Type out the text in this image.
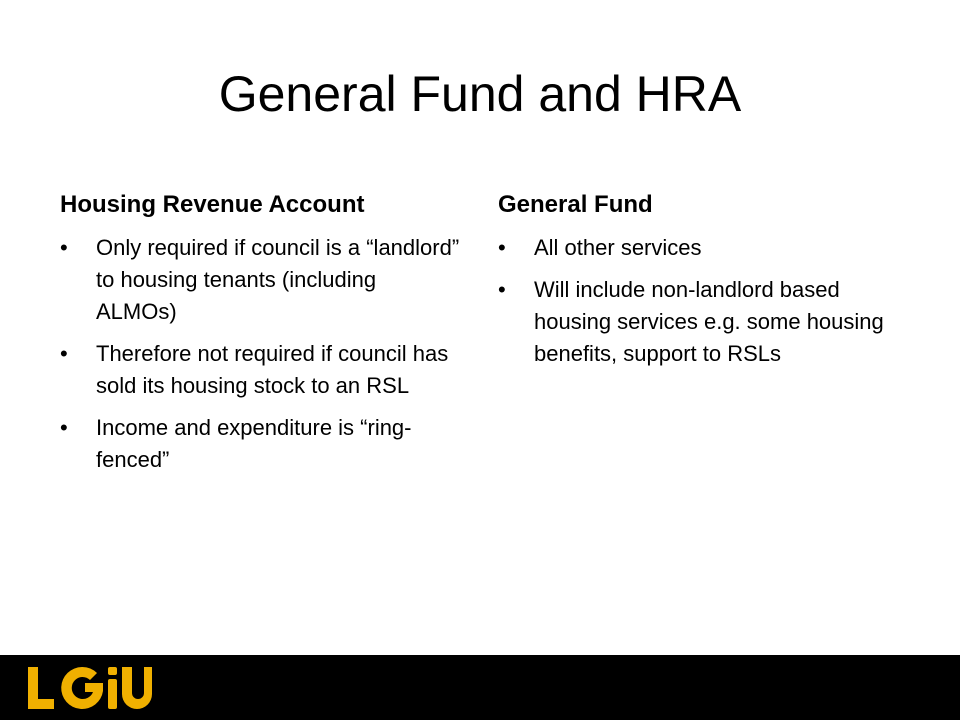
General Fund and HRA
Housing Revenue Account
• Only required if council is a “landlord” to housing tenants (including ALMOs)
• Therefore not required if council has sold its housing stock to an RSL
• Income and expenditure is “ring-fenced”
General Fund
• All other services
• Will include non-landlord based housing services e.g. some housing benefits, support to RSLs
